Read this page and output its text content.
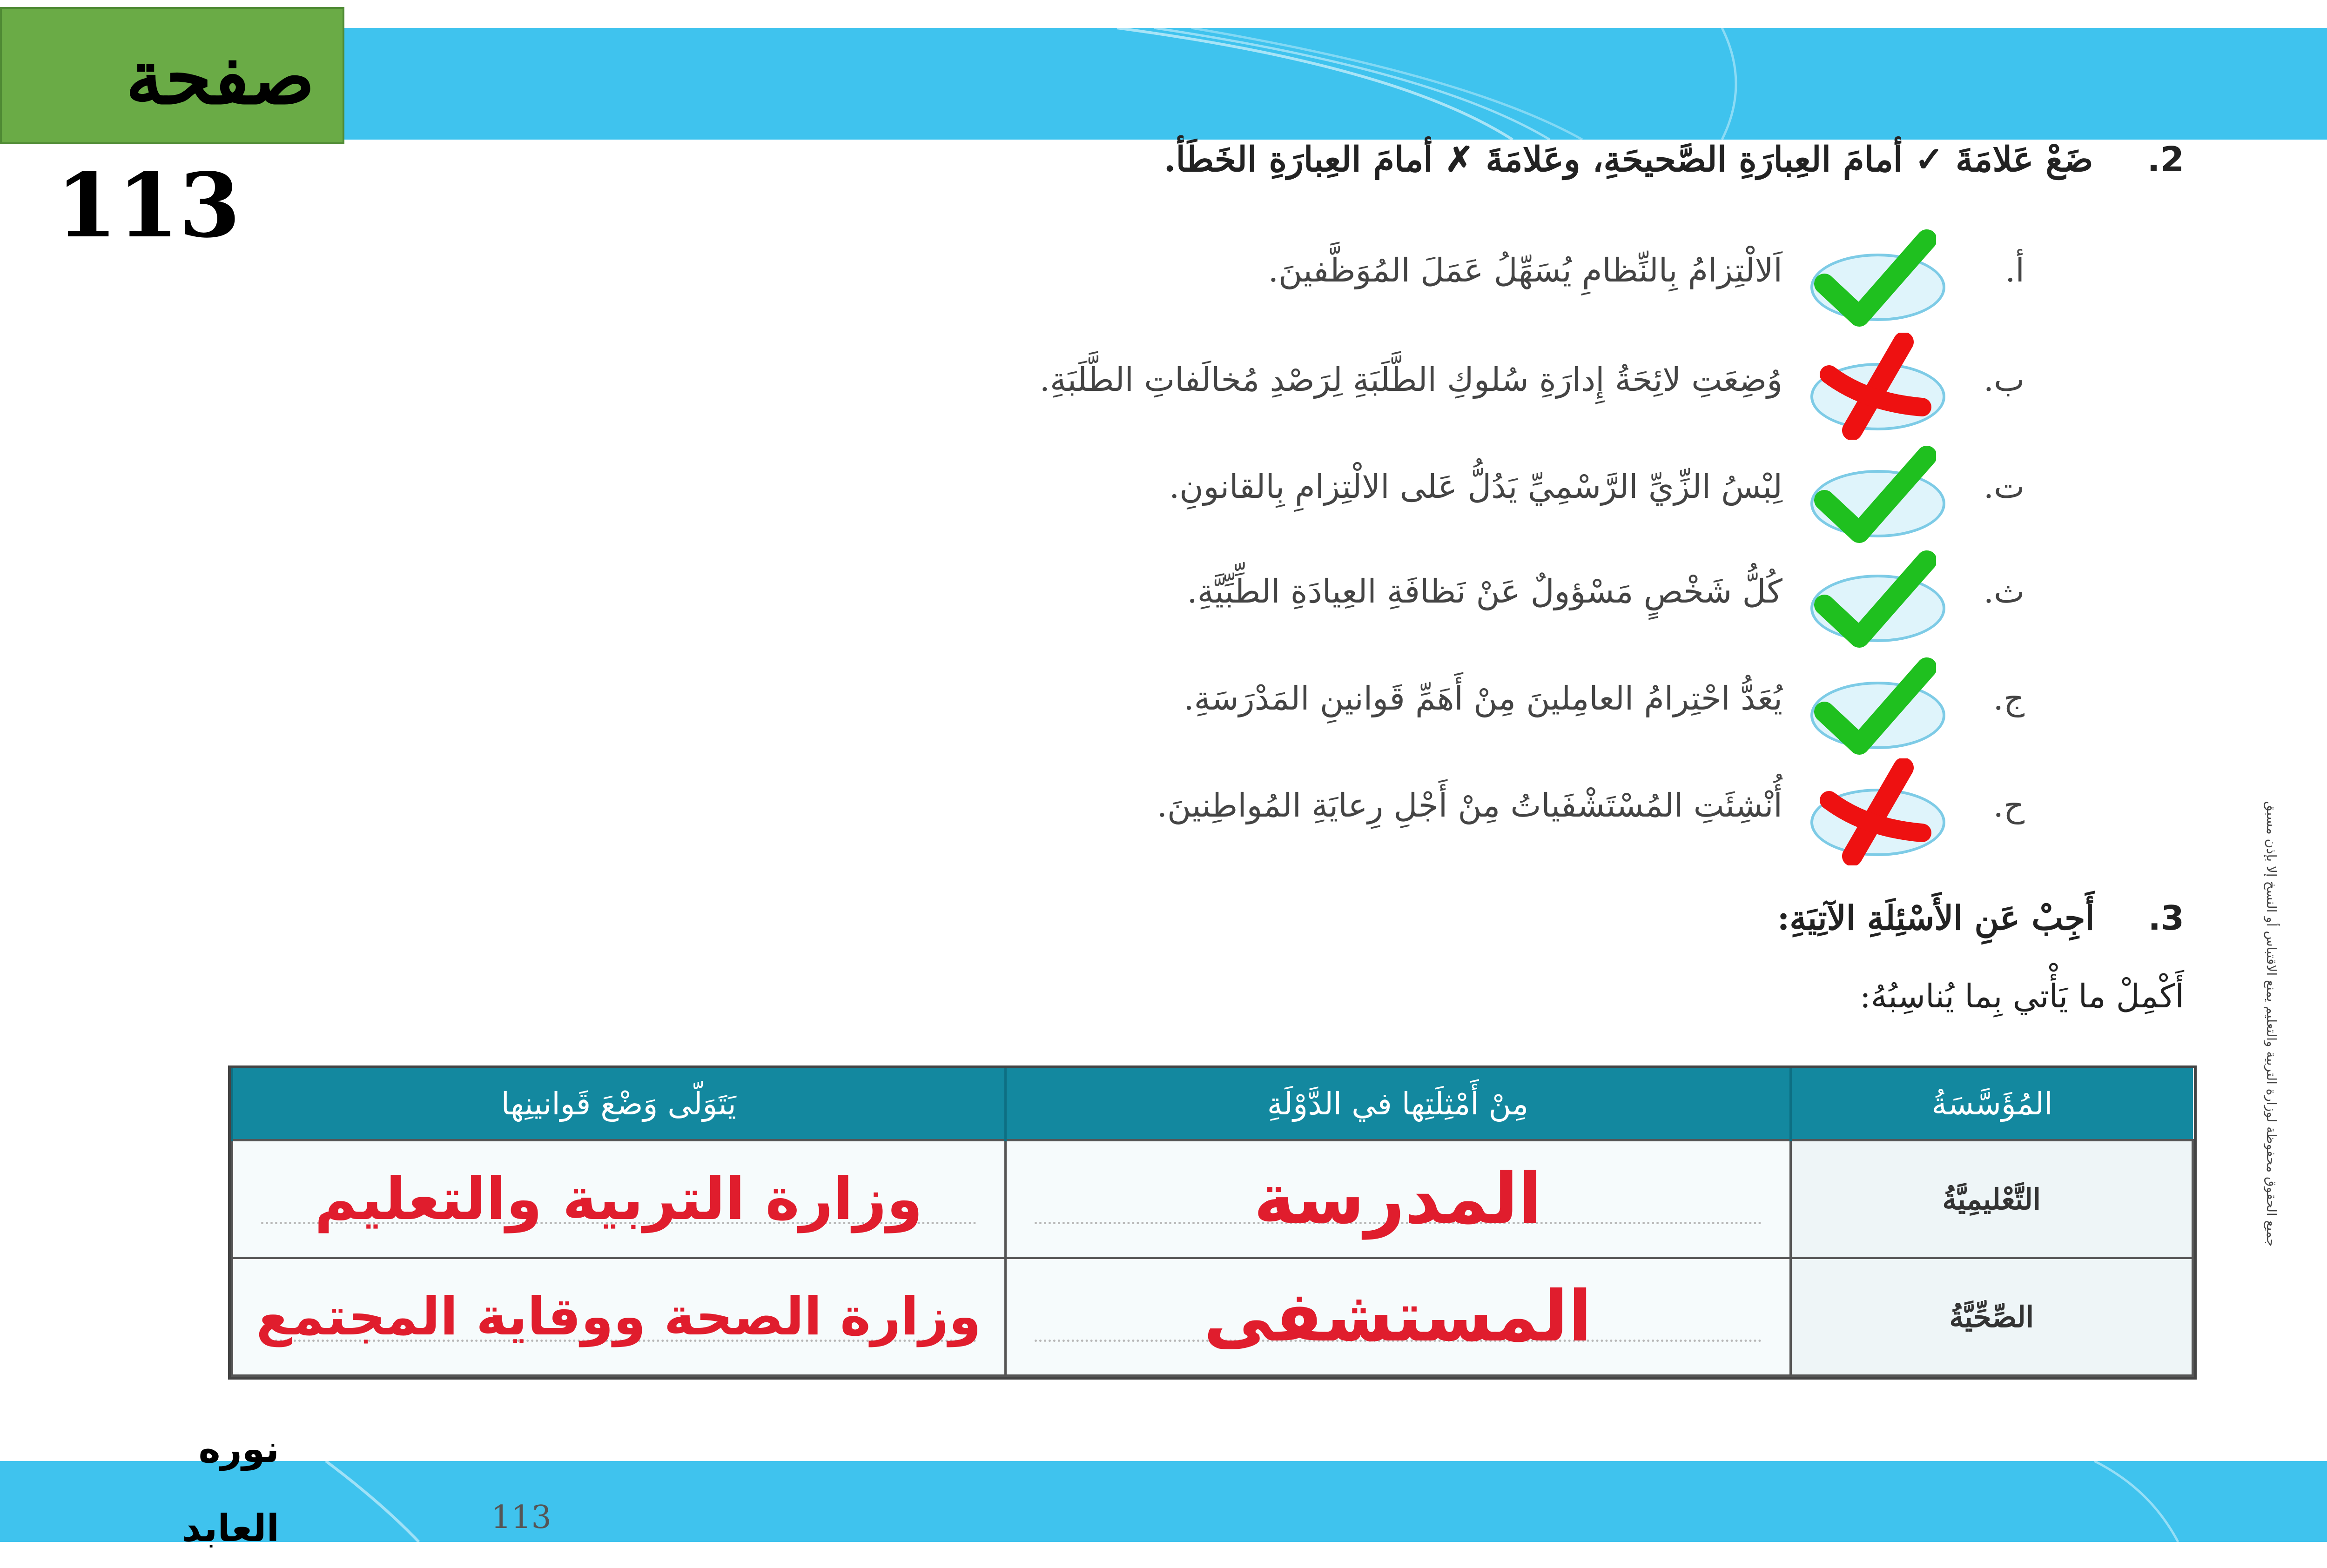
صفحة
113
جميع الحقوق محفوظة لوزارة التربية والتعليم يمنع الاقتباس أو النسخ إلا بإذن مسبق
2. ضَعْ عَلامَةَ ✓ أمامَ العِبارَةِ الصَّحيحَةِ، وعَلامَةَ ✗ أمامَ العِبارَةِ الخَطَأ.
أ.
اَلالْتِزامُ بِالنِّظامِ يُسَهِّلُ عَمَلَ المُوَظَّفينَ.
ب.
وُضِعَتِ لائِحَةُ إِدارَةِ سُلوكِ الطَّلَبَةِ لِرَصْدِ مُخالَفاتِ الطَّلَبَةِ.
ت.
لِبْسُ الزِّيِّ الرَّسْمِيِّ يَدُلُّ عَلى الالْتِزامِ بِالقانونِ.
ث.
كُلُّ شَخْصٍ مَسْؤولٌ عَنْ نَظافَةِ العِيادَةِ الطِّبِّيَّةِ.
ج.
يُعَدُّ احْتِرامُ العامِلينَ مِنْ أَهَمِّ قَوانينِ المَدْرَسَةِ.
ح.
أُنْشِئَتِ المُسْتَشْفَياتُ مِنْ أَجْلِ رِعايَةِ المُواطِنينَ.
3. أَجِبْ عَنِ الأَسْئِلَةِ الآتِيَةِ:
أَكْمِلْ ما يَأْتي بِما يُناسِبُهُ:
المُؤَسَّسَةُ	مِنْ أَمْثِلَتِها في الدَّوْلَةِ	يَتَوَلّى وَضْعَ قَوانينِها
التَّعْليمِيَّةُ	المدرسة	وزارة التربية والتعليم
الصِّحِّيَّةُ	المستشفى	وزارة الصحة ووقاية المجتمع
نوره
العابد	113
